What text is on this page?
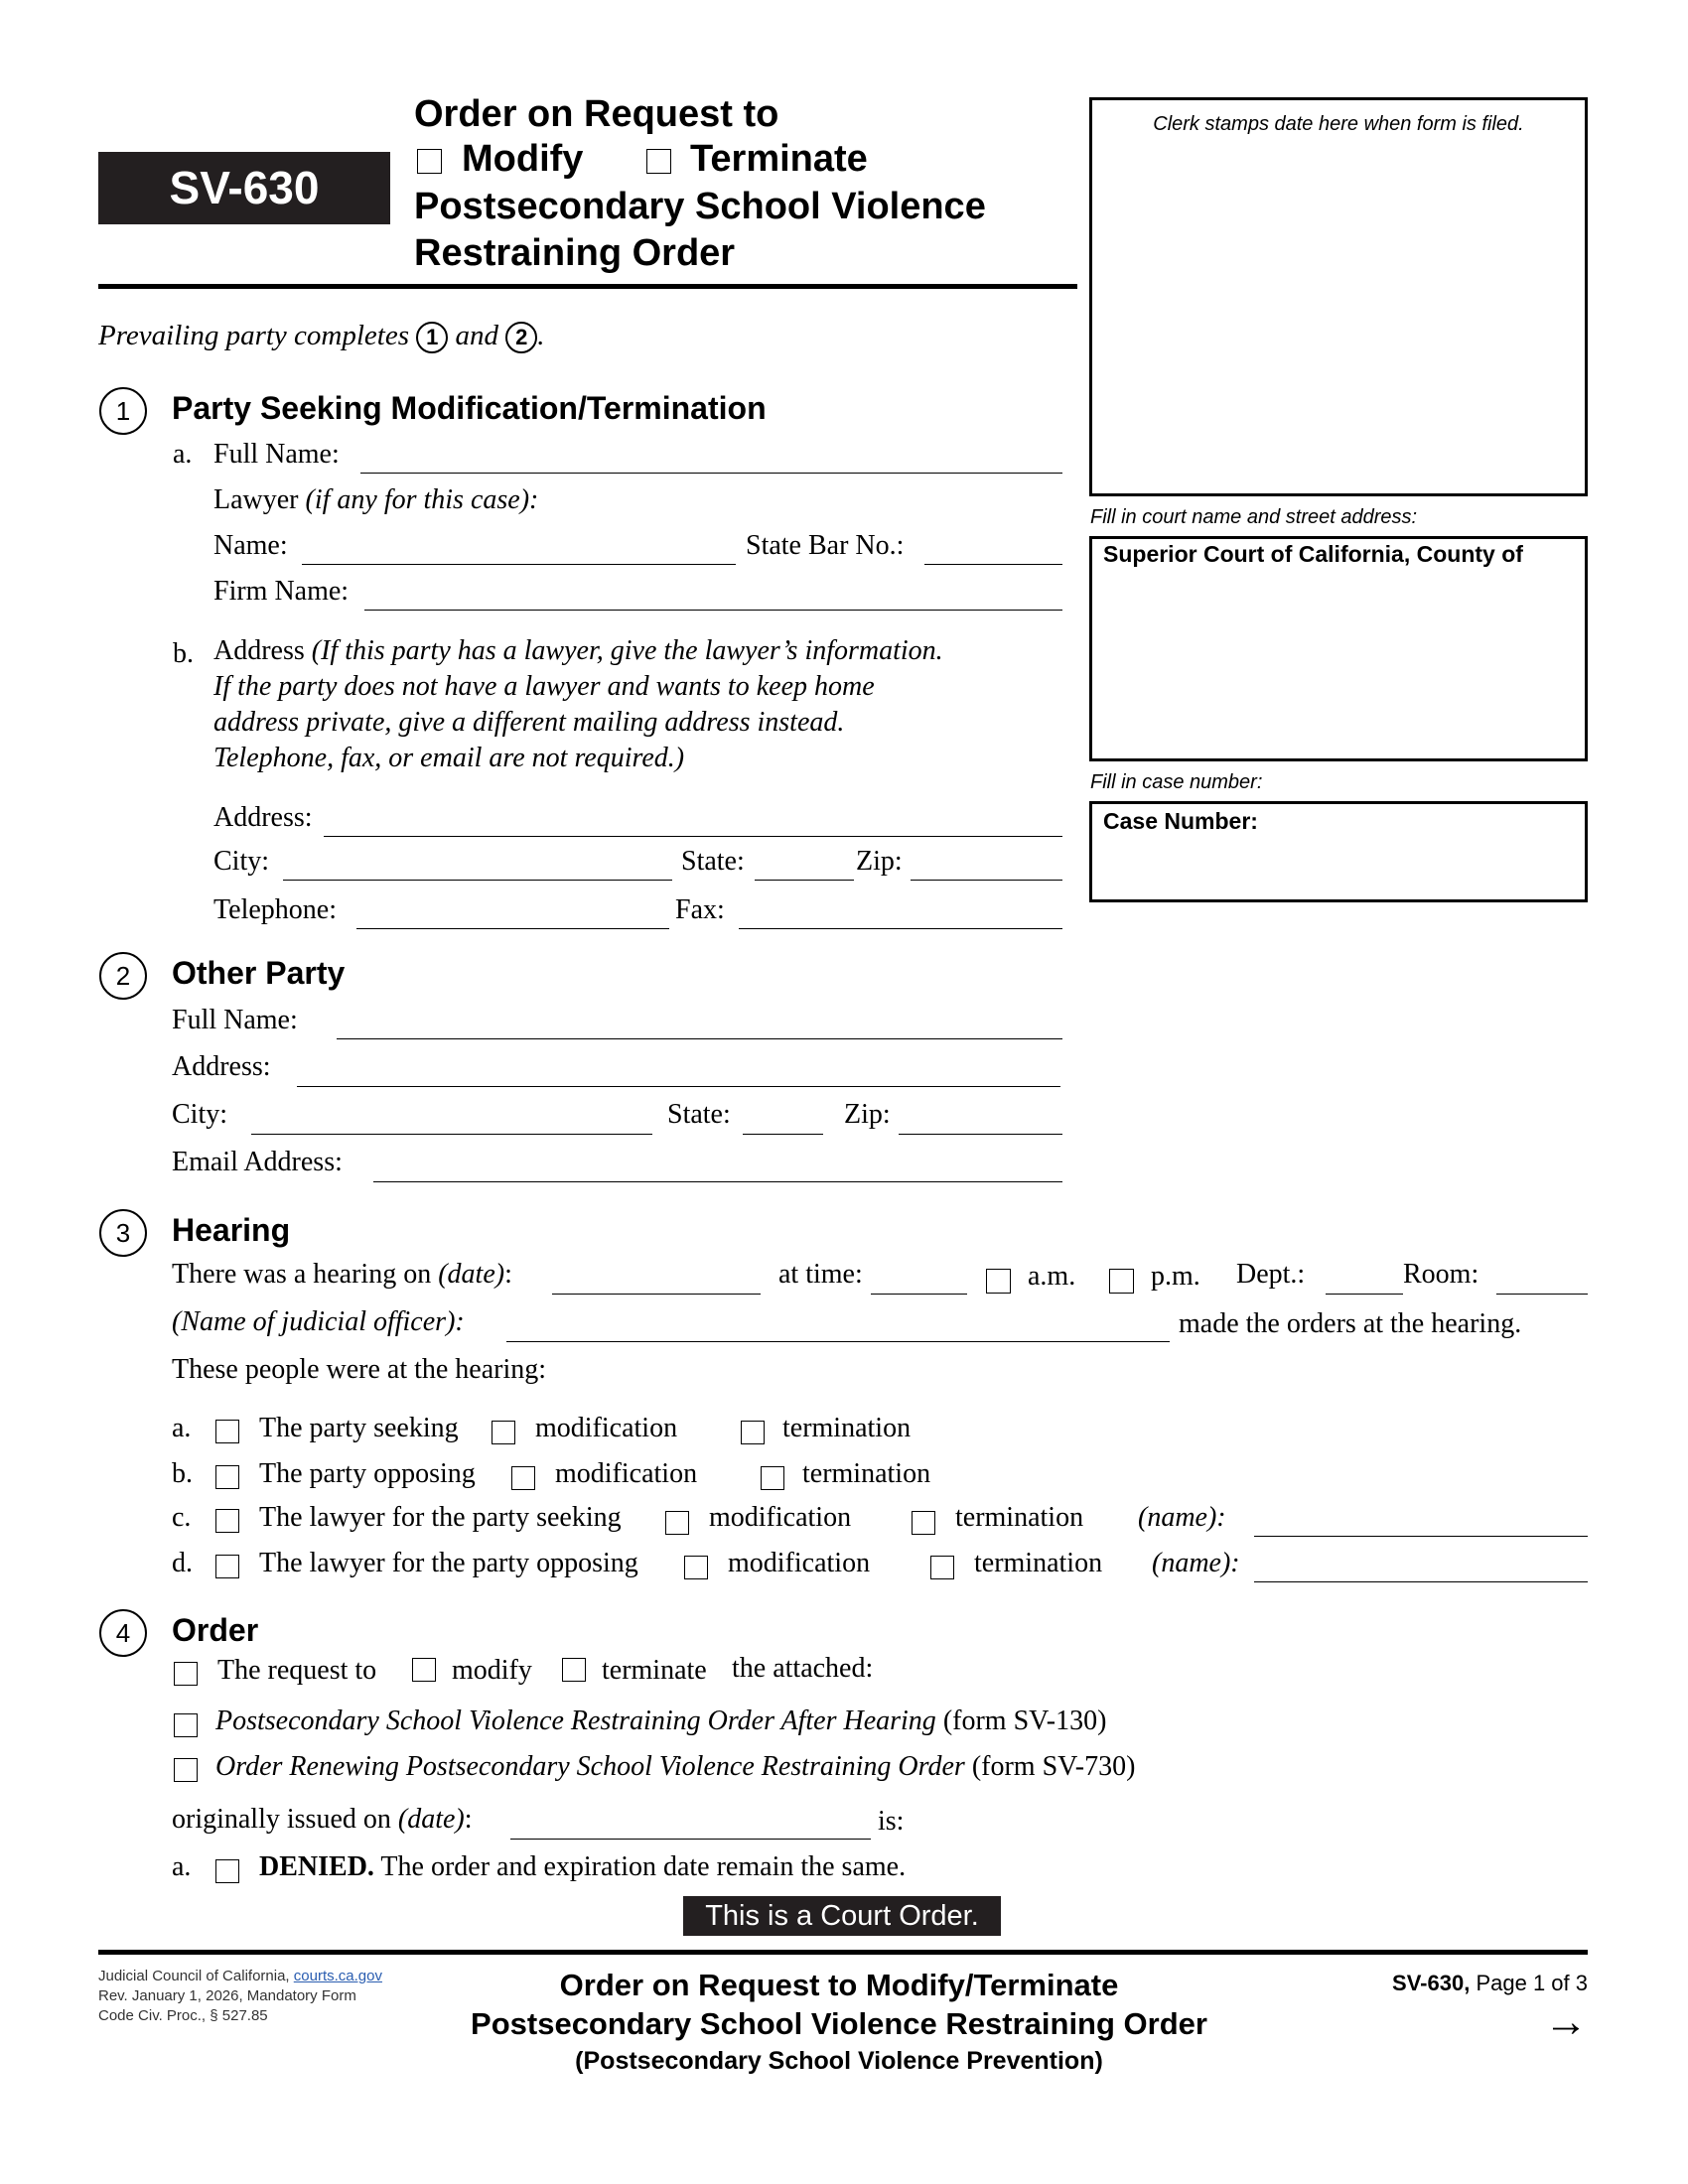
SV-630
Order on Request to
Modify	Terminate
Postsecondary School Violence
Restraining Order
Clerk stamps date here when form is filed.
Fill in court name and street address:
Superior Court of California, County of
Fill in case number:
Case Number:
Prevailing party completes 1 and 2 .
1	Party Seeking Modification/Termination
a. Full Name:
Lawyer (if any for this case):
Name:	State Bar No.:
Firm Name:
b. Address (If this party has a lawyer, give the lawyer’s information.
If the party does not have a lawyer and wants to keep home
address private, give a different mailing address instead.
Telephone, fax, or email are not required.)
Address:
City:	State:	Zip:
Telephone:	Fax:
2	Other Party
Full Name:
Address:
City:	State:	Zip:
Email Address:
3	Hearing
There was a hearing on (date):	at time:	a.m.	p.m. Dept.:	Room:
(Name of judicial officer):	made the orders at the hearing.
These people were at the hearing:
a. The party seeking	modification	termination
b. The party opposing	modification	termination
c. The lawyer for the party seeking	modification	termination (name):
d. The lawyer for the party opposing	modification	termination (name):
4	Order
The request to	modify	terminate the attached:
Postsecondary School Violence Restraining Order After Hearing (form SV-130)
Order Renewing Postsecondary School Violence Restraining Order (form SV-730)
originally issued on (date):	is:
a. DENIED. The order and expiration date remain the same.
This is a Court Order.
Judicial Council of California, courts.ca.gov
Rev. January 1, 2026, Mandatory Form
Code Civ. Proc., § 527.85
Order on Request to Modify/Terminate
Postsecondary School Violence Restraining Order
(Postsecondary School Violence Prevention)
SV-630, Page 1 of 3
→
